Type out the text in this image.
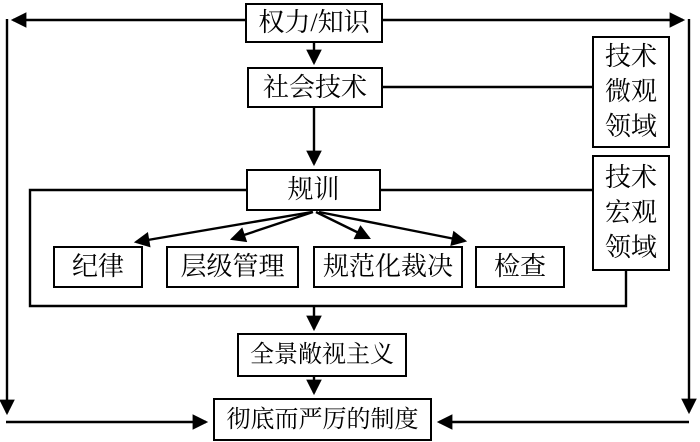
权力/知识
社会技术
技术
微观
领域
规训	技术
宏观
领域
纪律 层级管理 规范化裁决 检查
全景敞视主义
彻底而严厉的制度
